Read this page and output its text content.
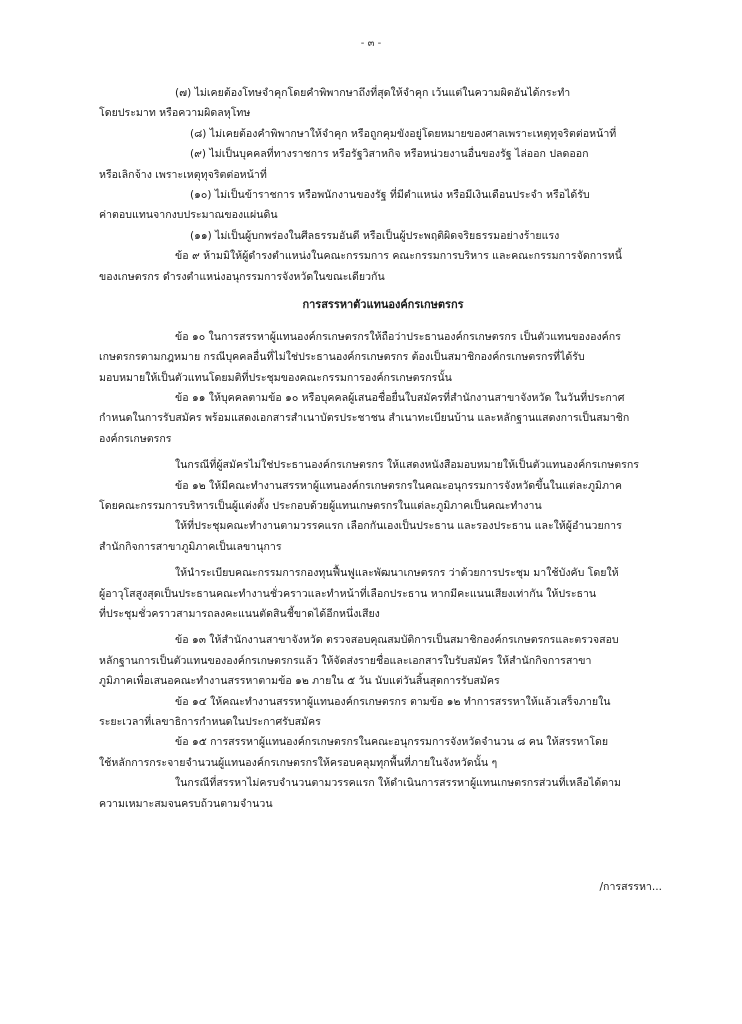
- ๓ -
(๗) ไม่เคยต้องโทษจำคุกโดยคำพิพากษาถึงที่สุดให้จำคุก เว้นแต่ในความผิดอันได้กระทำ
โดยประมาท หรือความผิดลหุโทษ
(๘) ไม่เคยต้องคำพิพากษาให้จำคุก หรือถูกคุมขังอยู่โดยหมายของศาลเพราะเหตุทุจริตต่อหน้าที่
(๙) ไม่เป็นบุคคลที่ทางราชการ หรือรัฐวิสาหกิจ หรือหน่วยงานอื่นของรัฐ ไล่ออก ปลดออก
หรือเลิกจ้าง เพราะเหตุทุจริตต่อหน้าที่
(๑๐) ไม่เป็นข้าราชการ หรือพนักงานของรัฐ ที่มีตำแหน่ง หรือมีเงินเดือนประจำ หรือได้รับ
ค่าตอบแทนจากงบประมาณของแผ่นดิน
(๑๑) ไม่เป็นผู้บกพร่องในศีลธรรมอันดี หรือเป็นผู้ประพฤติผิดจริยธรรมอย่างร้ายแรง
ข้อ ๙ ห้ามมิให้ผู้ดำรงตำแหน่งในคณะกรรมการ คณะกรรมการบริหาร และคณะกรรมการจัดการหนี้
ของเกษตรกร ดำรงตำแหน่งอนุกรรมการจังหวัดในขณะเดียวกัน
การสรรหาตัวแทนองค์กรเกษตรกร
ข้อ ๑๐ ในการสรรหาผู้แทนองค์กรเกษตรกรให้ถือว่าประธานองค์กรเกษตรกร เป็นตัวแทนขององค์กร
เกษตรกรตามกฎหมาย กรณีบุคคลอื่นที่ไม่ใช่ประธานองค์กรเกษตรกร ต้องเป็นสมาชิกองค์กรเกษตรกรที่ได้รับ
มอบหมายให้เป็นตัวแทนโดยมติที่ประชุมของคณะกรรมการองค์กรเกษตรกรนั้น
ข้อ ๑๑ ให้บุคคลตามข้อ ๑๐ หรือบุคคลผู้เสนอชื่อยื่นใบสมัครที่สำนักงานสาขาจังหวัด ในวันที่ประกาศ
กำหนดในการรับสมัคร พร้อมแสดงเอกสารสำเนาบัตรประชาชน สำเนาทะเบียนบ้าน และหลักฐานแสดงการเป็นสมาชิก
องค์กรเกษตรกร
ในกรณีที่ผู้สมัครไม่ใช่ประธานองค์กรเกษตรกร ให้แสดงหนังสือมอบหมายให้เป็นตัวแทนองค์กรเกษตรกร
ข้อ ๑๒ ให้มีคณะทำงานสรรหาผู้แทนองค์กรเกษตรกรในคณะอนุกรรมการจังหวัดขึ้นในแต่ละภูมิภาค
โดยคณะกรรมการบริหารเป็นผู้แต่งตั้ง ประกอบด้วยผู้แทนเกษตรกรในแต่ละภูมิภาคเป็นคณะทำงาน
ให้ที่ประชุมคณะทำงานตามวรรคแรก เลือกกันเองเป็นประธาน และรองประธาน และให้ผู้อำนวยการ
สำนักกิจการสาขาภูมิภาคเป็นเลขานุการ
ให้นำระเบียบคณะกรรมการกองทุนฟื้นฟูและพัฒนาเกษตรกร ว่าด้วยการประชุม มาใช้บังคับ โดยให้
ผู้อาวุโสสูงสุดเป็นประธานคณะทำงานชั่วคราวและทำหน้าที่เลือกประธาน หากมีคะแนนเสียงเท่ากัน ให้ประธาน
ที่ประชุมชั่วคราวสามารถลงคะแนนตัดสินชี้ขาดได้อีกหนึ่งเสียง
ข้อ ๑๓ ให้สำนักงานสาขาจังหวัด ตรวจสอบคุณสมบัติการเป็นสมาชิกองค์กรเกษตรกรและตรวจสอบ
หลักฐานการเป็นตัวแทนขององค์กรเกษตรกรแล้ว ให้จัดส่งรายชื่อและเอกสารใบรับสมัคร ให้สำนักกิจการสาขา
ภูมิภาคเพื่อเสนอคณะทำงานสรรหาตามข้อ ๑๒ ภายใน ๕ วัน นับแต่วันสิ้นสุดการรับสมัคร
ข้อ ๑๔ ให้คณะทำงานสรรหาผู้แทนองค์กรเกษตรกร ตามข้อ ๑๒ ทำการสรรหาให้แล้วเสร็จภายใน
ระยะเวลาที่เลขาธิการกำหนดในประกาศรับสมัคร
ข้อ ๑๕ การสรรหาผู้แทนองค์กรเกษตรกรในคณะอนุกรรมการจังหวัดจำนวน ๘ คน ให้สรรหาโดย
ใช้หลักการกระจายจำนวนผู้แทนองค์กรเกษตรกรให้ครอบคลุมทุกพื้นที่ภายในจังหวัดนั้น ๆ
ในกรณีที่สรรหาไม่ครบจำนวนตามวรรคแรก ให้ดำเนินการสรรหาผู้แทนเกษตรกรส่วนที่เหลือได้ตาม
ความเหมาะสมจนครบถ้วนตามจำนวน
/การสรรหา...
